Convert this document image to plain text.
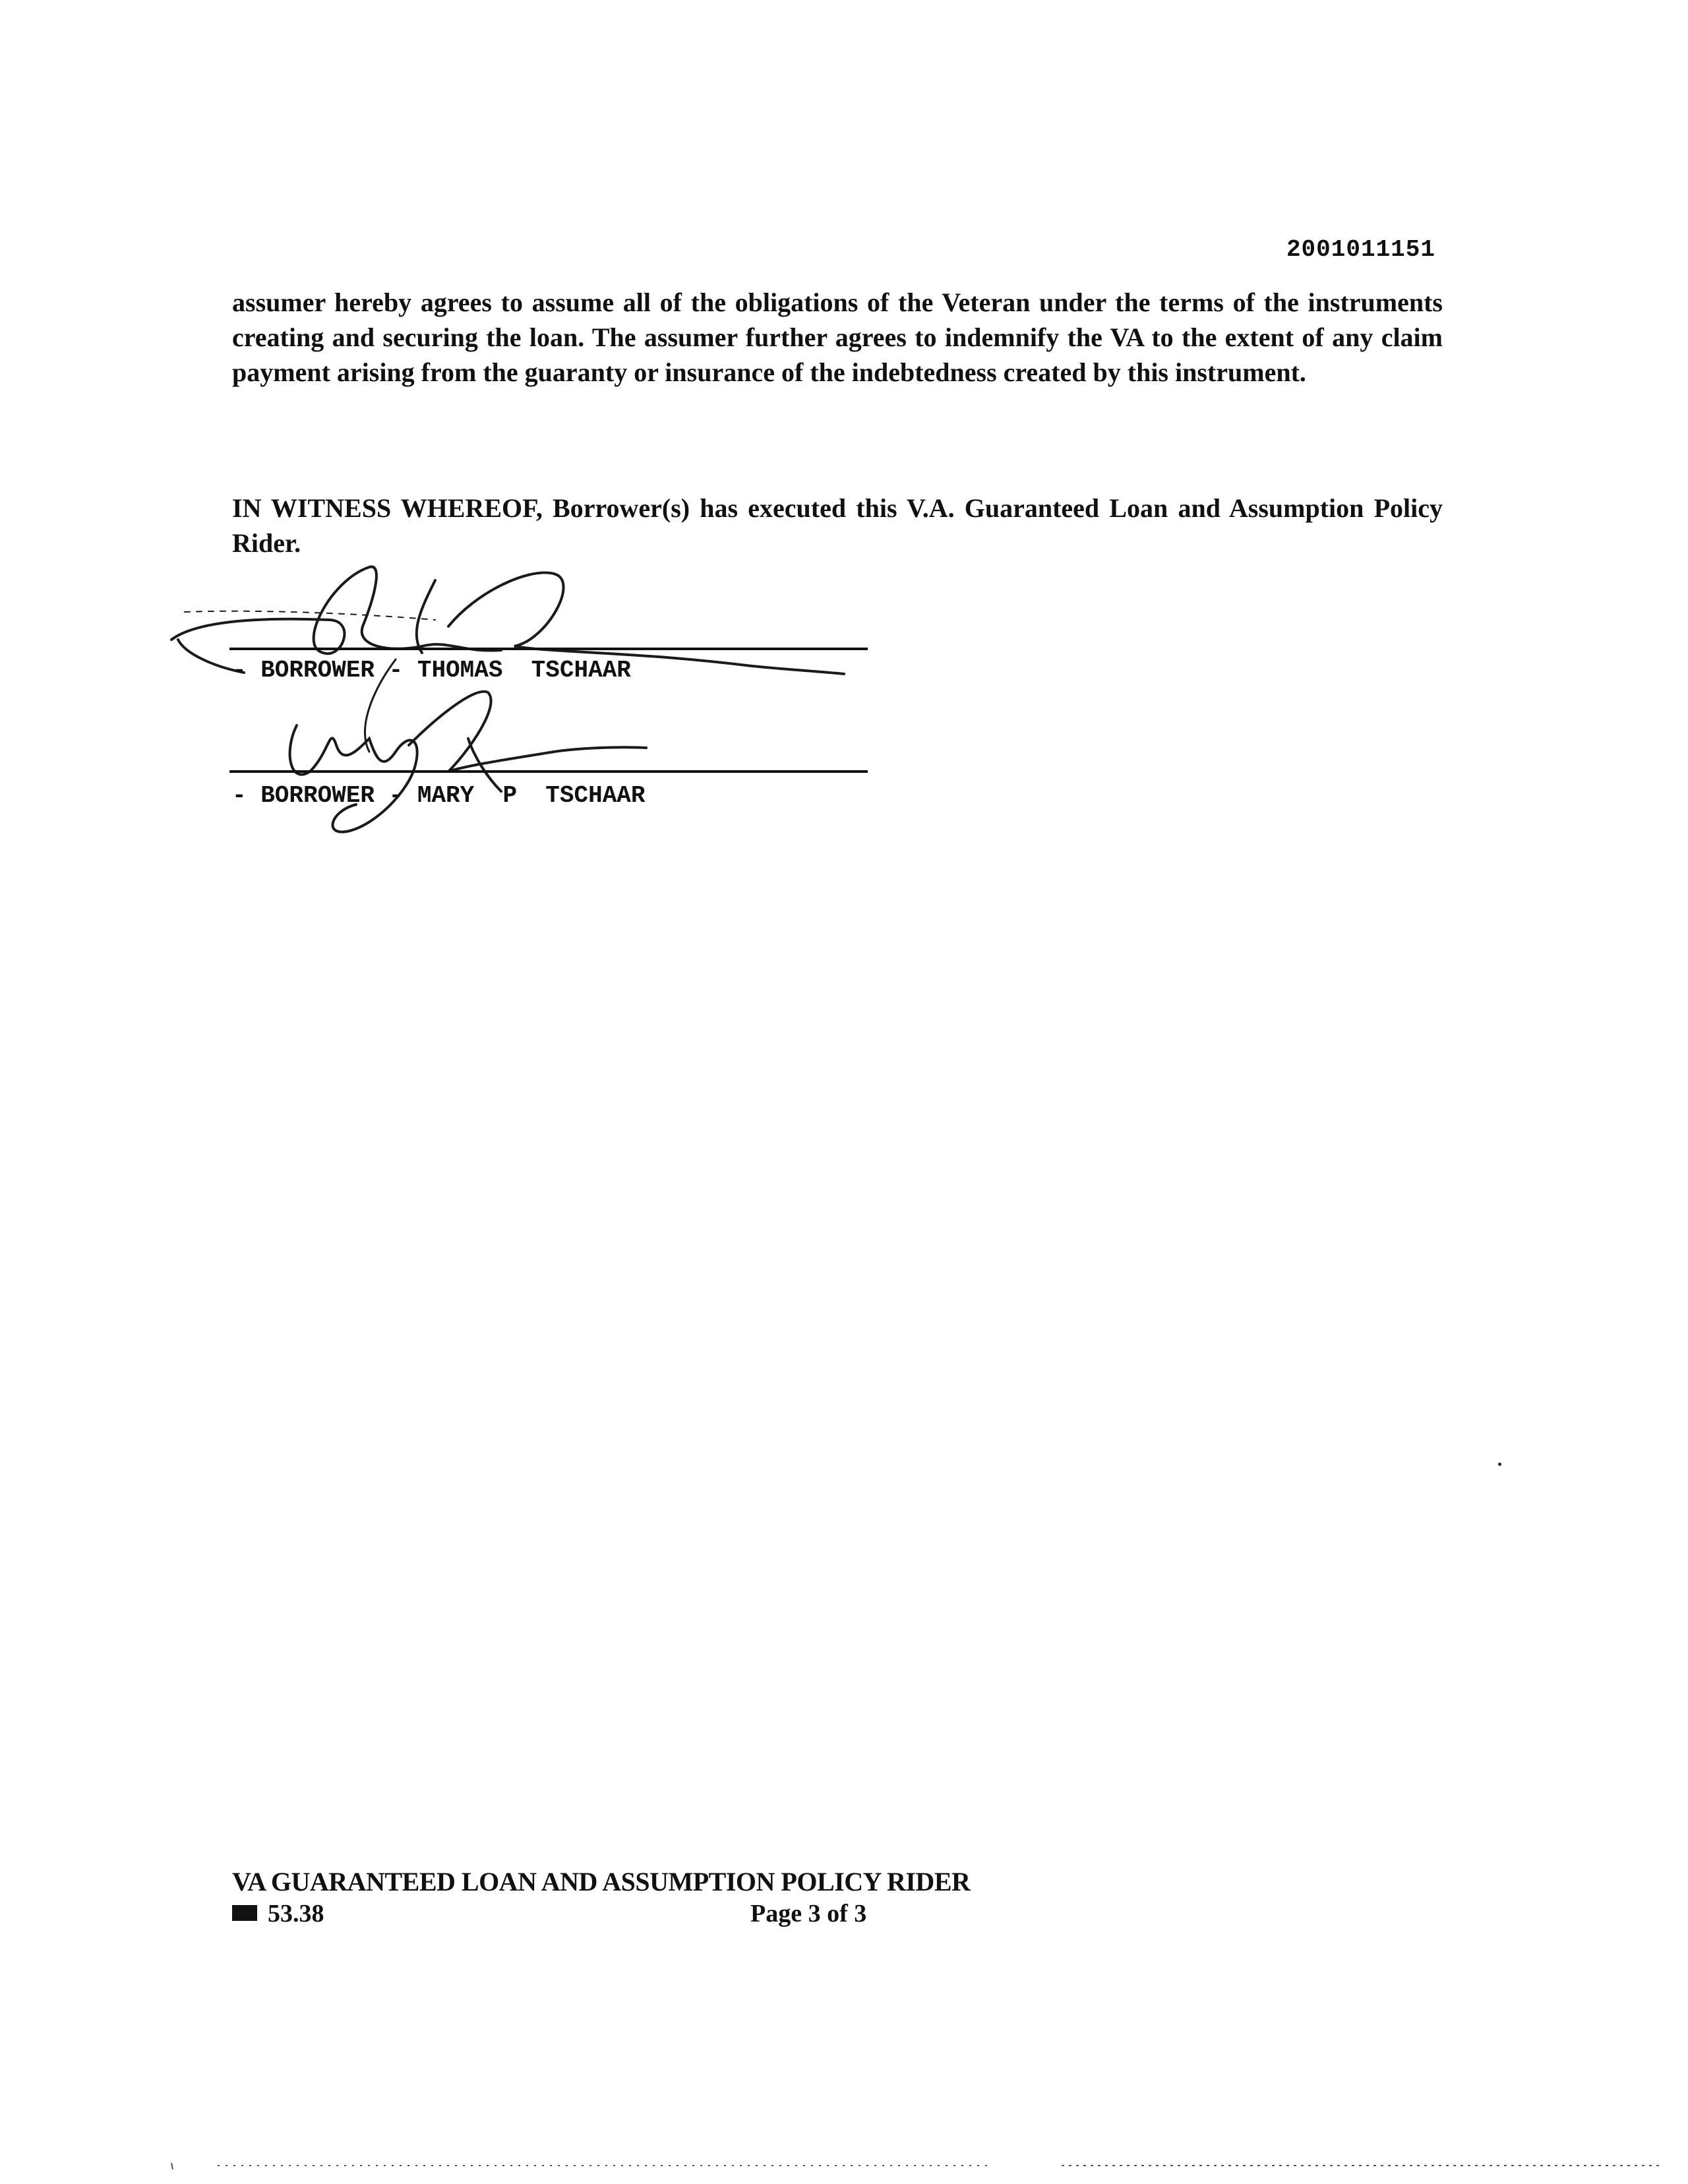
2001011151

assumer hereby agrees to assume all of the obligations of the Veteran under the terms of the instruments creating and securing the loan. The assumer further agrees to indemnify the VA to the extent of any claim payment arising from the guaranty or insurance of the indebtedness created by this instrument.

IN WITNESS WHEREOF, Borrower(s) has executed this V.A. Guaranteed Loan and Assumption Policy Rider.

- BORROWER - THOMAS  TSCHAAR
- BORROWER - MARY  P  TSCHAAR
VA GUARANTEED LOAN AND ASSUMPTION POLICY RIDER
53.38	Page 3 of 3
